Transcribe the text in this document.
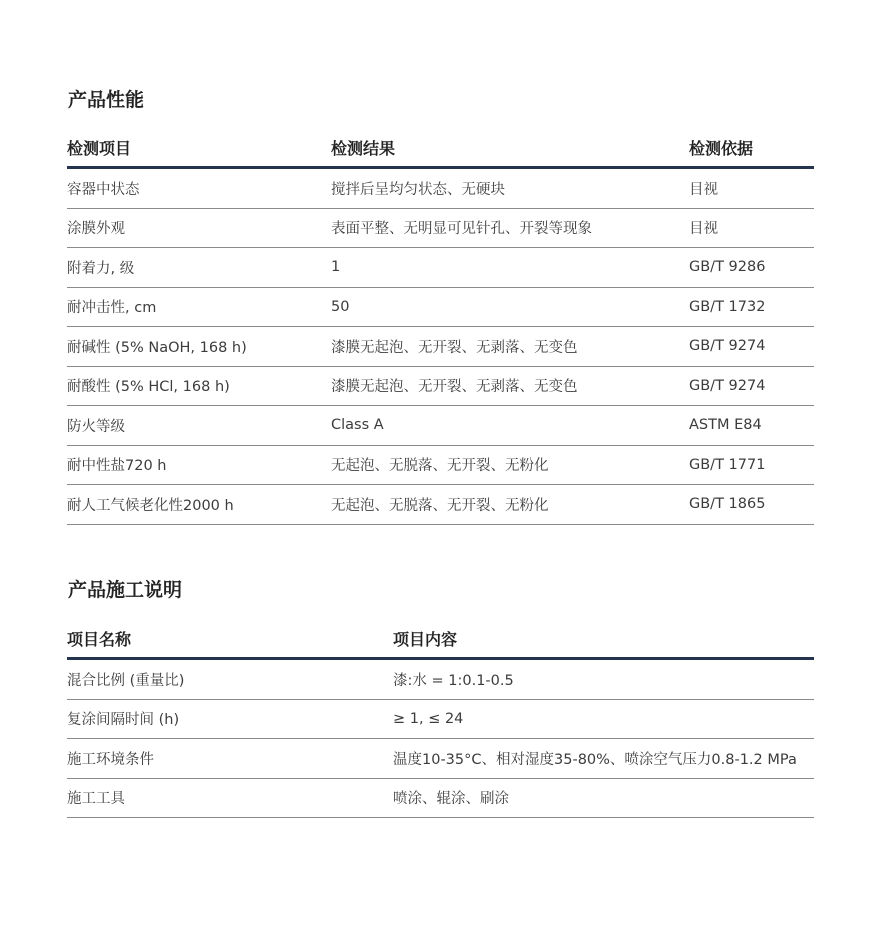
产品性能
检测项目	检测结果	检测依据
容器中状态	搅拌后呈均匀状态、无硬块	目视
涂膜外观	表面平整、无明显可见针孔、开裂等现象	目视
附着力, 级	1	GB/T 9286
耐冲击性, cm	50	GB/T 1732
耐碱性 (5% NaOH, 168 h)	漆膜无起泡、无开裂、无剥落、无变色	GB/T 9274
耐酸性 (5% HCl, 168 h)	漆膜无起泡、无开裂、无剥落、无变色	GB/T 9274
防火等级	Class A	ASTM E84
耐中性盐720 h	无起泡、无脱落、无开裂、无粉化	GB/T 1771
耐人工气候老化性2000 h	无起泡、无脱落、无开裂、无粉化	GB/T 1865
产品施工说明
项目名称	项目内容
混合比例 (重量比)	漆:水 = 1:0.1-0.5
复涂间隔时间 (h)	≥ 1, ≤ 24
施工环境条件	温度10-35°C、相对湿度35-80%、喷涂空气压力0.8-1.2 MPa
施工工具	喷涂、辊涂、刷涂
